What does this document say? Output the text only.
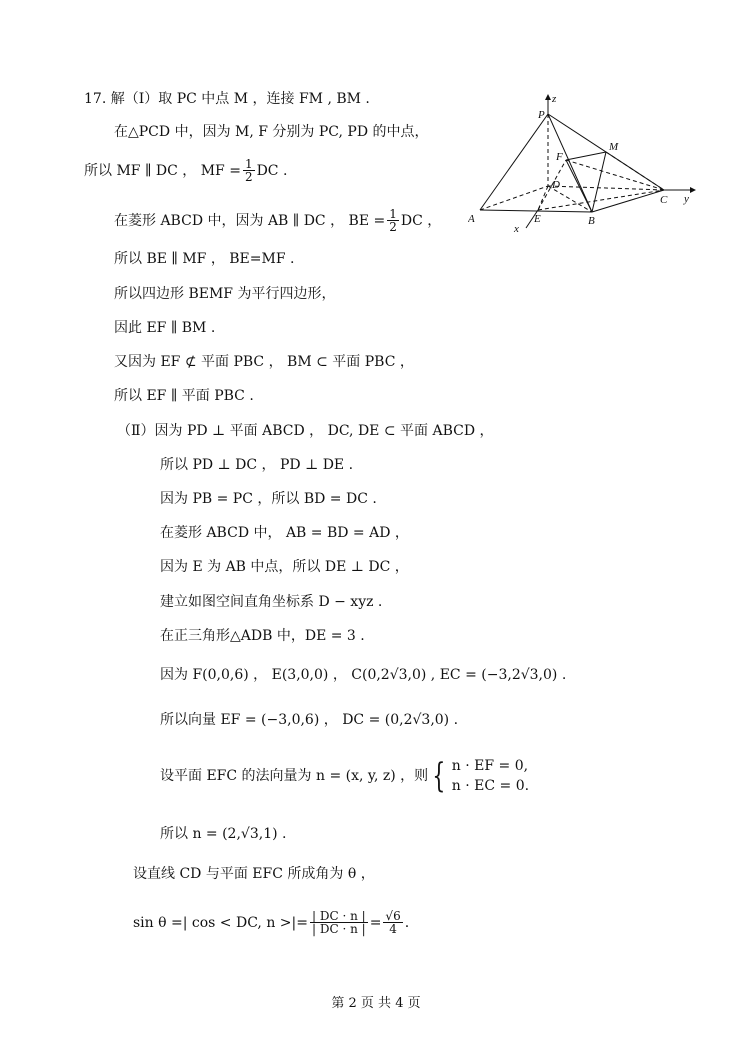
17. 解（Ⅰ）取 PC 中点 M ，连接 FM , BM .
在△PCD 中，因为 M, F 分别为 PC, PD 的中点，
所以 MF ∥ DC ， MF = $\frac{1}{2}$ DC .
在菱形 ABCD 中，因为 AB ∥ DC ， BE = $\frac{1}{2}$ DC ，
所以 BE ∥ MF ， BE=MF .
所以四边形 BEMF 为平行四边形，
因此 EF ∥ BM .
又因为 EF ⊄ 平面 PBC ， BM ⊂ 平面 PBC ，
所以 EF ∥ 平面 PBC .
（Ⅱ）因为 PD ⊥ 平面 ABCD ， DC, DE ⊂ 平面 ABCD ，
所以 PD ⊥ DC ， PD ⊥ DE .
因为 PB = PC ，所以 BD = DC .
在菱形 ABCD 中， AB = BD = AD ，
因为 E 为 AB 中点，所以 DE ⊥ DC ，
建立如图空间直角坐标系 D − xyz .
在正三角形△ADB 中，DE = 3 .
因为 F(0,0,6) ， E(3,0,0) ， C(0,2√3,0) , EC = (−3,2√3,0) .
所以向量 EF = (−3,0,6) ， DC = (0,2√3,0) .
设平面 EFC 的法向量为 n = (x, y, z) ，则 { n · EF = 0,
n · EC = 0.
所以 n = (2,√3,1) .
设直线 CD 与平面 EFC 所成角为 θ ，
sin θ =| cos < DC, n >|= $\frac{| DC \cdot n |}{| DC \cdot n |} = \frac{√6}{4}$ .
P
z
M
F
D
C y
A	E	B
x
第 2 页 共 4 页
